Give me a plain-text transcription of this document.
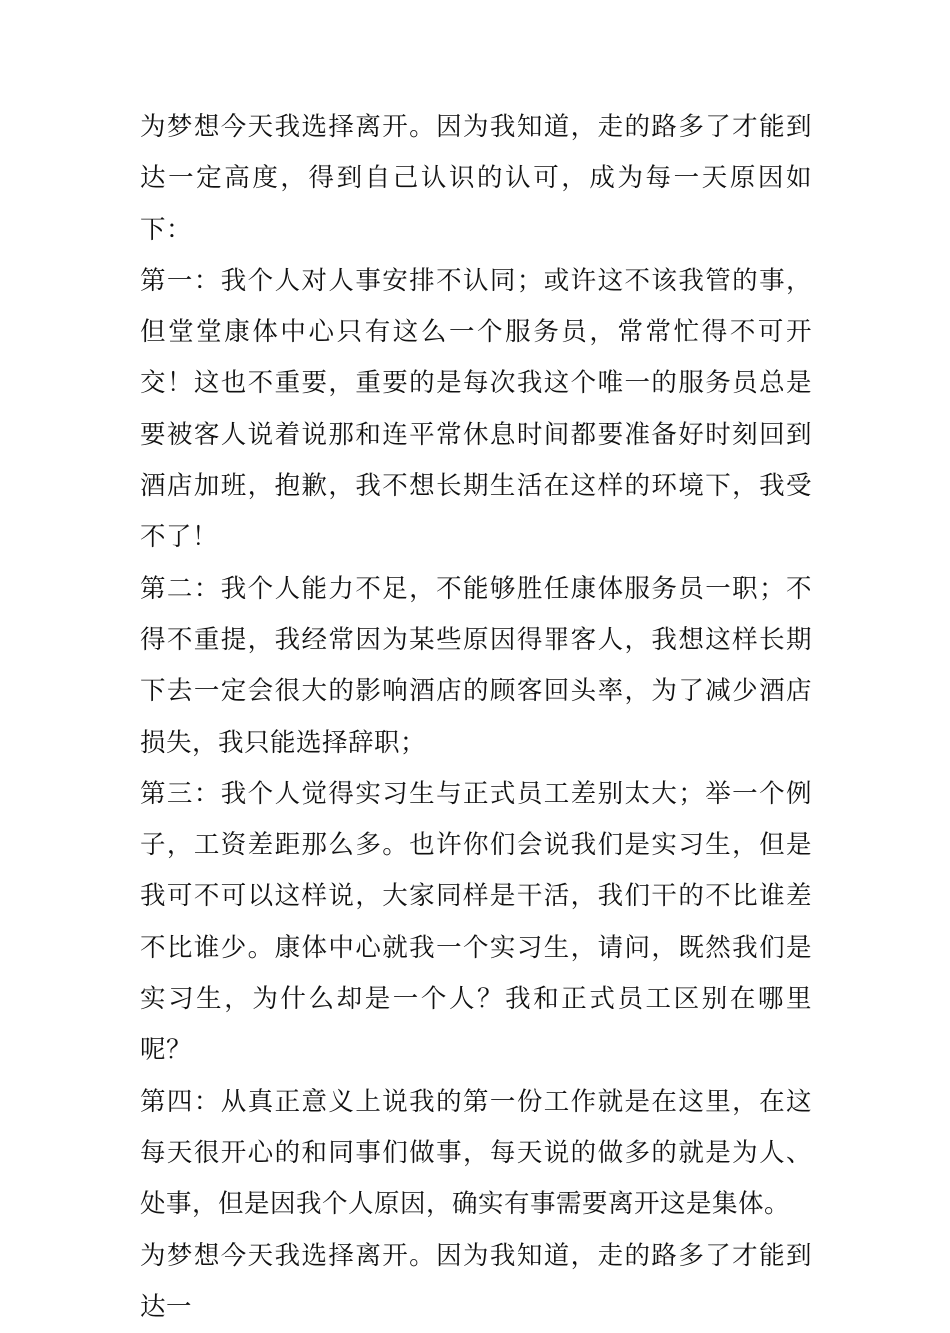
为梦想今天我选择离开。因为我知道，走的路多了才能到达一定高度，得到自己认识的认可，成为每一天原因如下：

第一：我个人对人事安排不认同；或许这不该我管的事，但堂堂康体中心只有这么一个服务员，常常忙得不可开交！这也不重要，重要的是每次我这个唯一的服务员总是要被客人说着说那和连平常休息时间都要准备好时刻回到酒店加班，抱歉，我不想长期生活在这样的环境下，我受不了！

第二：我个人能力不足，不能够胜任康体服务员一职；不得不重提，我经常因为某些原因得罪客人，我想这样长期下去一定会很大的影响酒店的顾客回头率，为了减少酒店损失，我只能选择辞职；

第三：我个人觉得实习生与正式员工差别太大；举一个例子，工资差距那么多。也许你们会说我们是实习生，但是我可不可以这样说，大家同样是干活，我们干的不比谁差不比谁少。康体中心就我一个实习生，请问，既然我们是实习生，为什么却是一个人？我和正式员工区别在哪里呢？

第四：从真正意义上说我的第一份工作就是在这里，在这每天很开心的和同事们做事，每天说的做多的就是为人、处事，但是因我个人原因，确实有事需要离开这是集体。

为梦想今天我选择离开。因为我知道，走的路多了才能到达一
